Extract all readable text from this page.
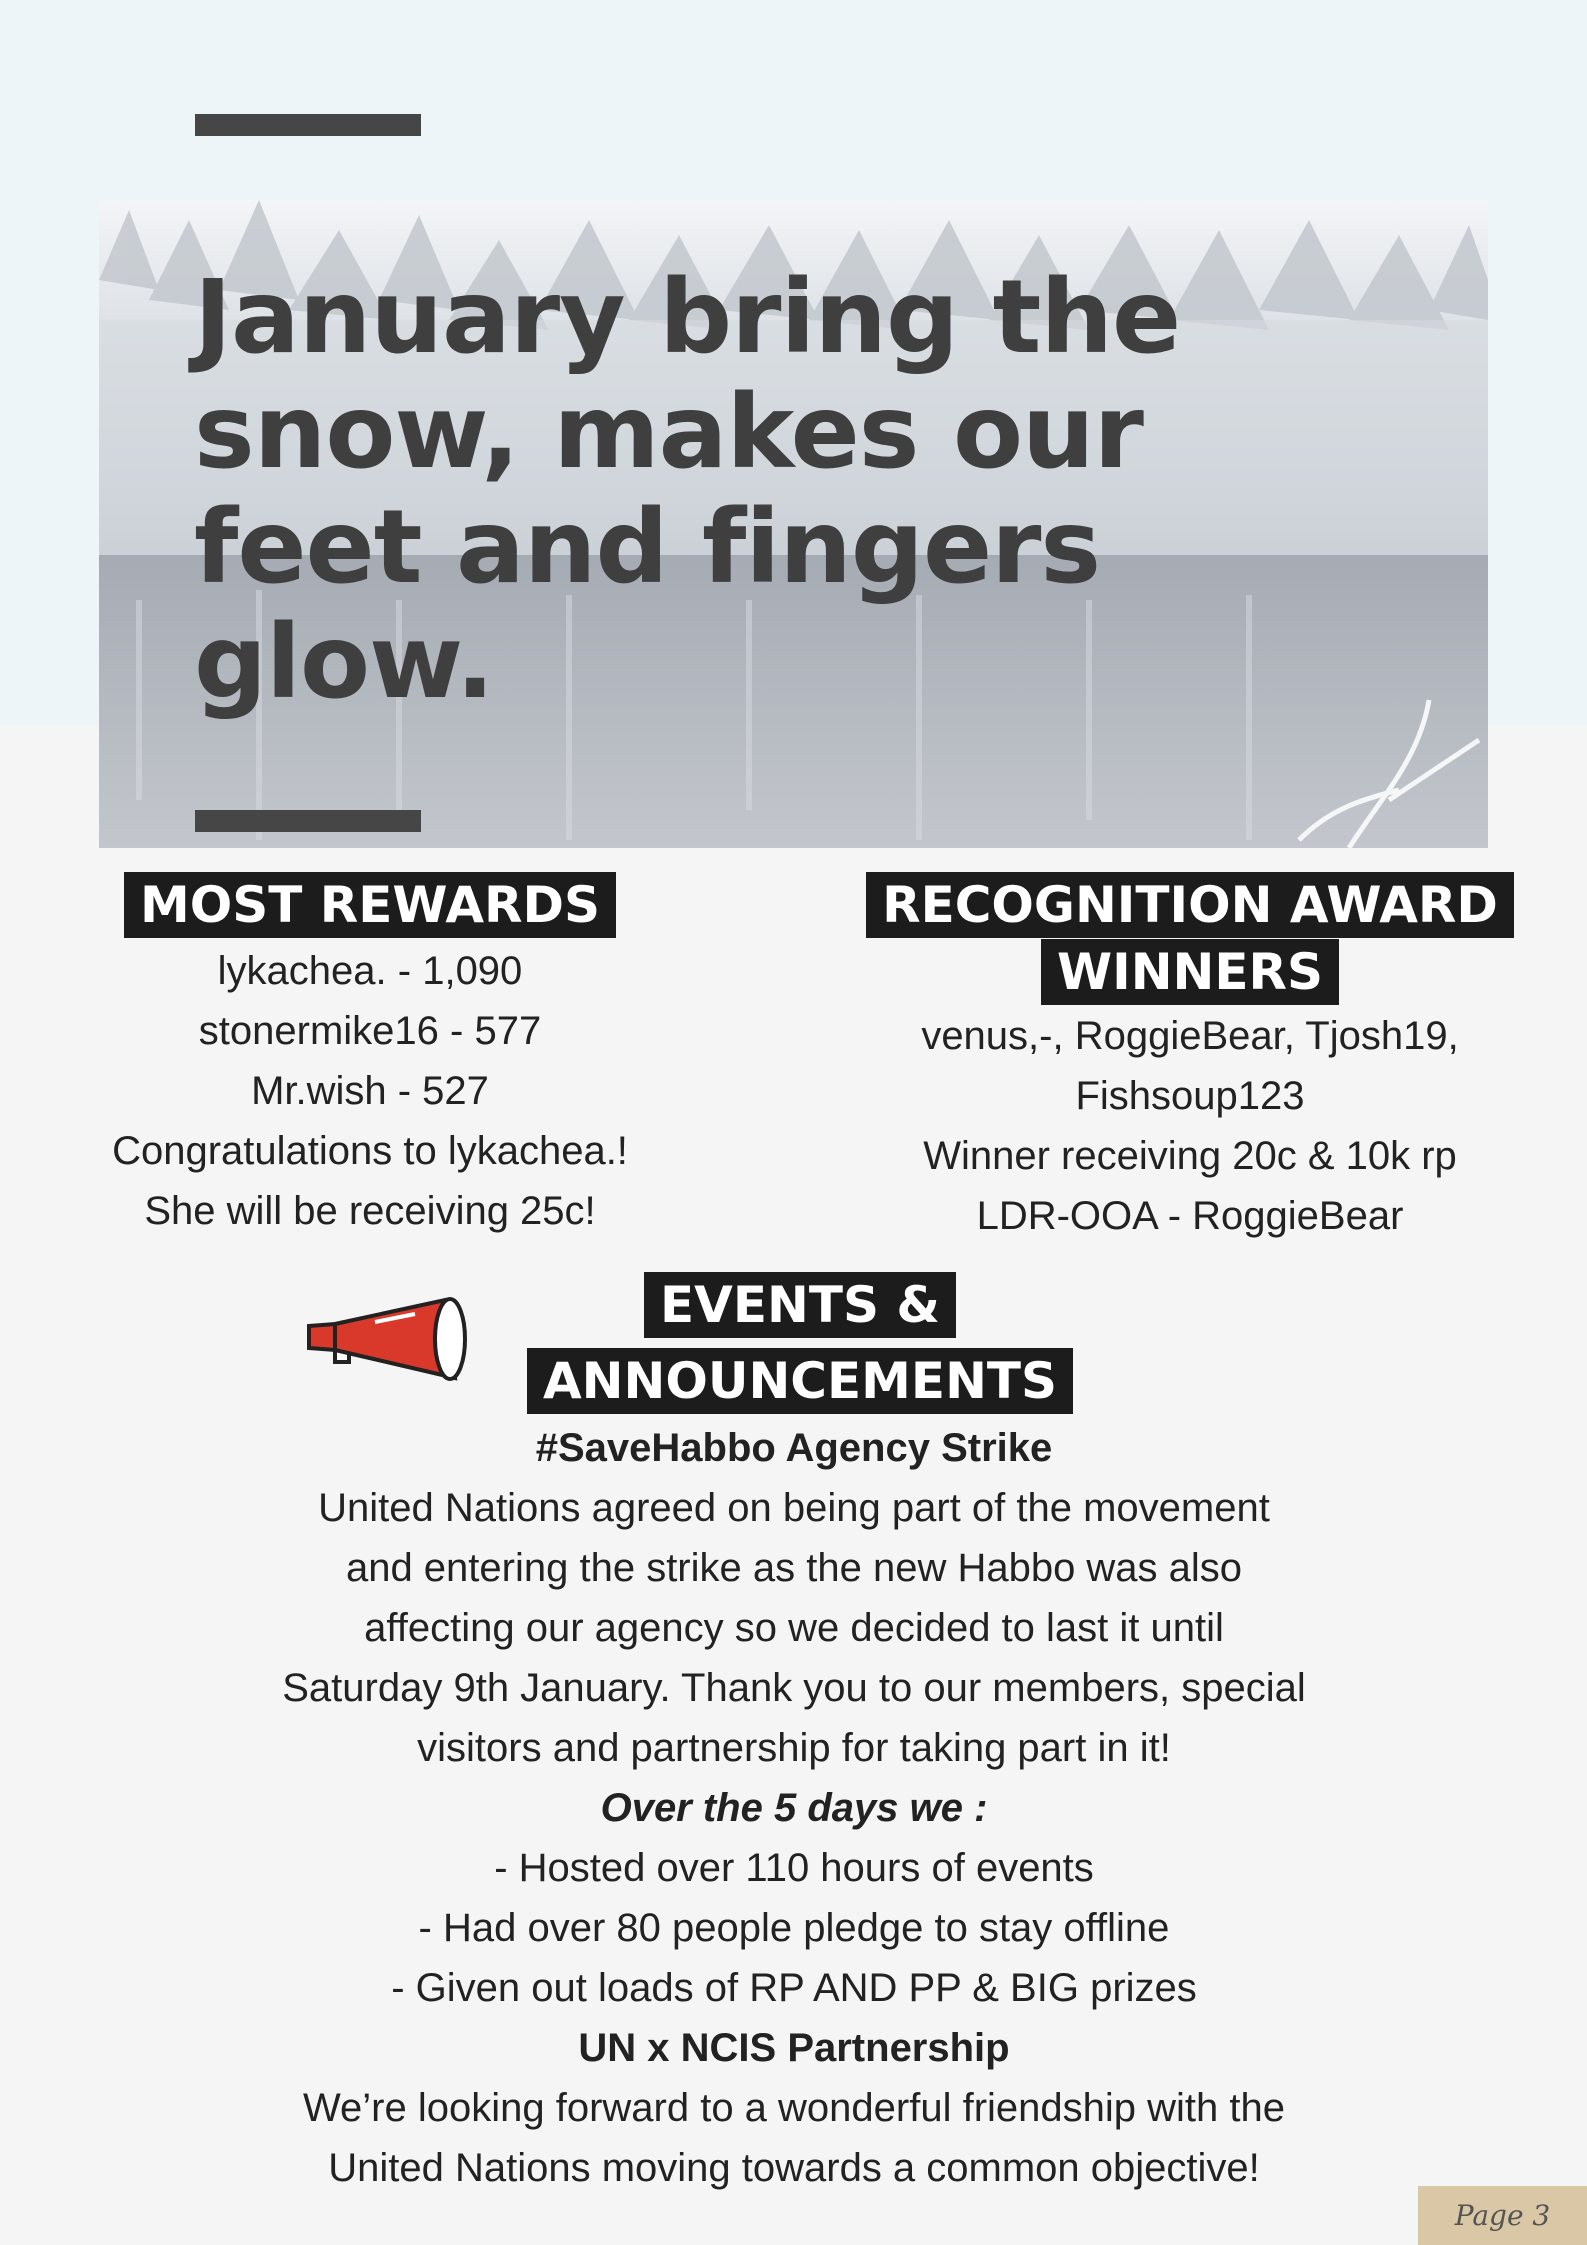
January bring the snow, makes our feet and fingers glow.
MOST REWARDS

lykachea. - 1,090

stonermike16 - 577

Mr.wish - 527

Congratulations to lykachea.!

She will be receiving 25c!

RECOGNITION AWARD
WINNERS

venus,-, RoggieBear, Tjosh19,

Fishsoup123

Winner receiving 20c & 10k rp

LDR-OOA - RoggieBear

EVENTS &
ANNOUNCEMENTS

#SaveHabbo Agency Strike

United Nations agreed on being part of the movement

and entering the strike as the new Habbo was also

affecting our agency so we decided to last it until

Saturday 9th January. Thank you to our members, special

visitors and partnership for taking part in it!

Over the 5 days we :

- Hosted over 110 hours of events

- Had over 80 people pledge to stay offline

- Given out loads of RP AND PP & BIG prizes

UN x NCIS Partnership

We’re looking forward to a wonderful friendship with the

United Nations moving towards a common objective!

Page 3
